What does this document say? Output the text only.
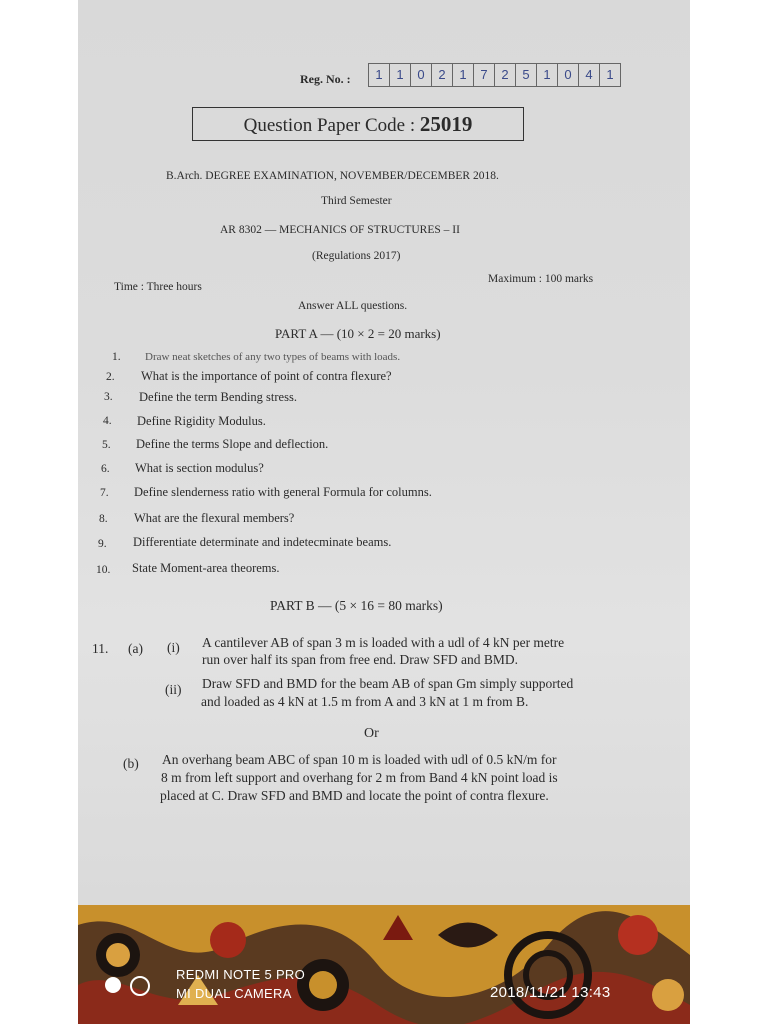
Reg. No. :	1	1	0	2	1	7	2	5	1	0	4	1
Question Paper Code : 25019
B.Arch. DEGREE EXAMINATION, NOVEMBER/DECEMBER 2018.
Third Semester
AR 8302 — MECHANICS OF STRUCTURES – II
(Regulations 2017)
Time : Three hours
Maximum : 100 marks
Answer ALL questions.
PART A — (10 × 2 = 20 marks)
1. Draw neat sketches of any two types of beams with loads.
2. What is the importance of point of contra flexure?
3. Define the term Bending stress.
4. Define Rigidity Modulus.
5. Define the terms Slope and deflection.
6. What is section modulus?
7. Define slenderness ratio with general Formula for columns.
8. What are the flexural members?
9. Differentiate determinate and indetecminate beams.
10. State Moment-area theorems.
PART B — (5 × 16 = 80 marks)
11. (a) (i) A cantilever AB of span 3 m is loaded with a udl of 4 kN per metre
run over half its span from free end. Draw SFD and BMD.
(ii) Draw SFD and BMD for the beam AB of span Gm simply supported
and loaded as 4 kN at 1.5 m from A and 3 kN at 1 m from B.
Or
(b) An overhang beam ABC of span 10 m is loaded with udl of 0.5 kN/m for
8 m from left support and overhang for 2 m from Band 4 kN point load is
placed at C. Draw SFD and BMD and locate the point of contra flexure.
REDMI NOTE 5 PRO
MI DUAL CAMERA	2018/11/21 13:43
